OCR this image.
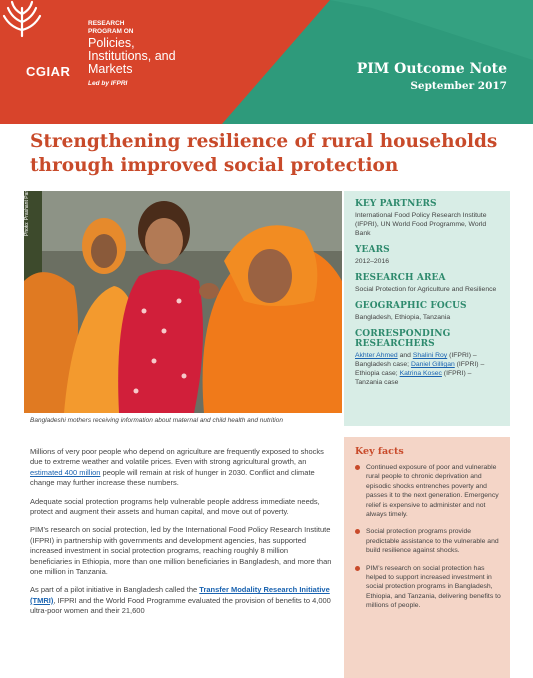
CGIAR
RESEARCH PROGRAM ON
Policies, Institutions, and Markets
Led by IFPRI
PIM Outcome Note
September 2017
Strengthening resilience of rural households through improved social protection
Photo: Prashant Panjiar for IFPRI/Flickr
Bangladeshi mothers receiving information about maternal and child health and nutrition
KEY PARTNERS
International Food Policy Research Institute (IFPRI), UN World Food Programme, World Bank
YEARS
2012–2016
RESEARCH AREA
Social Protection for Agriculture and Resilience
GEOGRAPHIC FOCUS
Bangladesh, Ethiopia, Tanzania
CORRESPONDING RESEARCHERS
Akhter Ahmed and Shalini Roy (IFPRI) – Bangladesh case; Daniel Gilligan (IFPRI) – Ethiopia case; Katrina Kosec (IFPRI) – Tanzania case

Millions of very poor people who depend on agriculture are frequently exposed to shocks due to extreme weather and volatile prices. Even with strong agricultural growth, an estimated 400 million people will remain at risk of hunger in 2030. Conflict and climate change may further increase these numbers.

Adequate social protection programs help vulnerable people address immediate needs, protect and augment their assets and human capital, and move out of poverty.

PIM’s research on social protection, led by the International Food Policy Research Institute (IFPRI) in partnership with governments and development agencies, has supported increased investment in social protection programs, reaching roughly 8 million beneficiaries in Ethiopia, more than one million beneficiaries in Bangladesh, and more than one million in Tanzania.

As part of a pilot initiative in Bangladesh called the Transfer Modality Research Initiative (TMRI), IFPRI and the World Food Programme evaluated the provision of benefits to 4,000 ultra-poor women and their 21,600

Key facts
Continued exposure of poor and vulnerable rural people to chronic deprivation and episodic shocks entrenches poverty and passes it to the next generation. Emergency relief is expensive to administer and not always timely.
Social protection programs provide predictable assistance to the vulnerable and build resilience against shocks.
PIM’s research on social protection has helped to support increased investment in social protection programs in Bangladesh, Ethiopia, and Tanzania, delivering benefits to millions of people.
